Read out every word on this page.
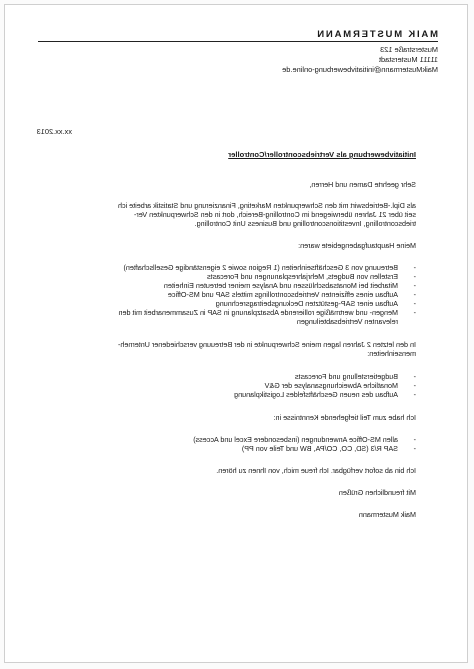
MAIK MUSTERMANN
Musterstraße 123
11111 Musterstadt
MaikMustermann@initiativbewerbung-online.de
xx.xx.2013
Initiativbewerbung als Vertriebscontroller/Controller
Sehr geehrte Damen und Herren,
als Dipl.-Betriebswirt mit den Schwerpunkten Marketing, Finanzierung und Statistik arbeite ich
seit über 21 Jahren überwiegend im Controlling-Bereich, dort in den Schwerpunkten Ver-
triebscontrolling, Investitionscontrolling und Business Unit Controlling.
Meine Hauptaufgabengebiete waren:
-
Betreuung von 3 Geschäftseinheiten (1 Region sowie 2 eigenständige Gesellschaften)
-
Erstellen von Budgets, Mehrjahresplanungen und Forecasts
-
Mitarbeit bei Monatsabschlüssen und Analyse meiner betreuten Einheiten
-
Aufbau eines effizienten Vertriebscontrollings mittels SAP und MS-Office
-
Aufbau einer SAP-gestützten Deckungsbeitragsrechnung
-
Mengen- und wertmäßige rollierende Absatzplanung in SAP in Zusammenarbeit mit den
relevanten Vertriebsabteilungen
In den letzten 2 Jahren lagen meine Schwerpunkte in der Betreuung verschiedener Unterneh-
menseinheiten:
-
Budgetierstellung und Forecasts
-
Monatliche Abweichungsanalyse der G&V
-
Aufbau des neuen Geschäftsfeldes Logistikplanung
Ich habe zum Teil tiefgehende Kenntnisse in:
-
allen MS-Office Anwendungen (insbesondere Excel und Access)
-
SAP R/3 (SD, CO, CO/PA, BW und Teile von PP)
Ich bin ab sofort verfügbar. Ich freue mich, von Ihnen zu hören.
Mit freundlichen Grüßen
Maik Mustermann
